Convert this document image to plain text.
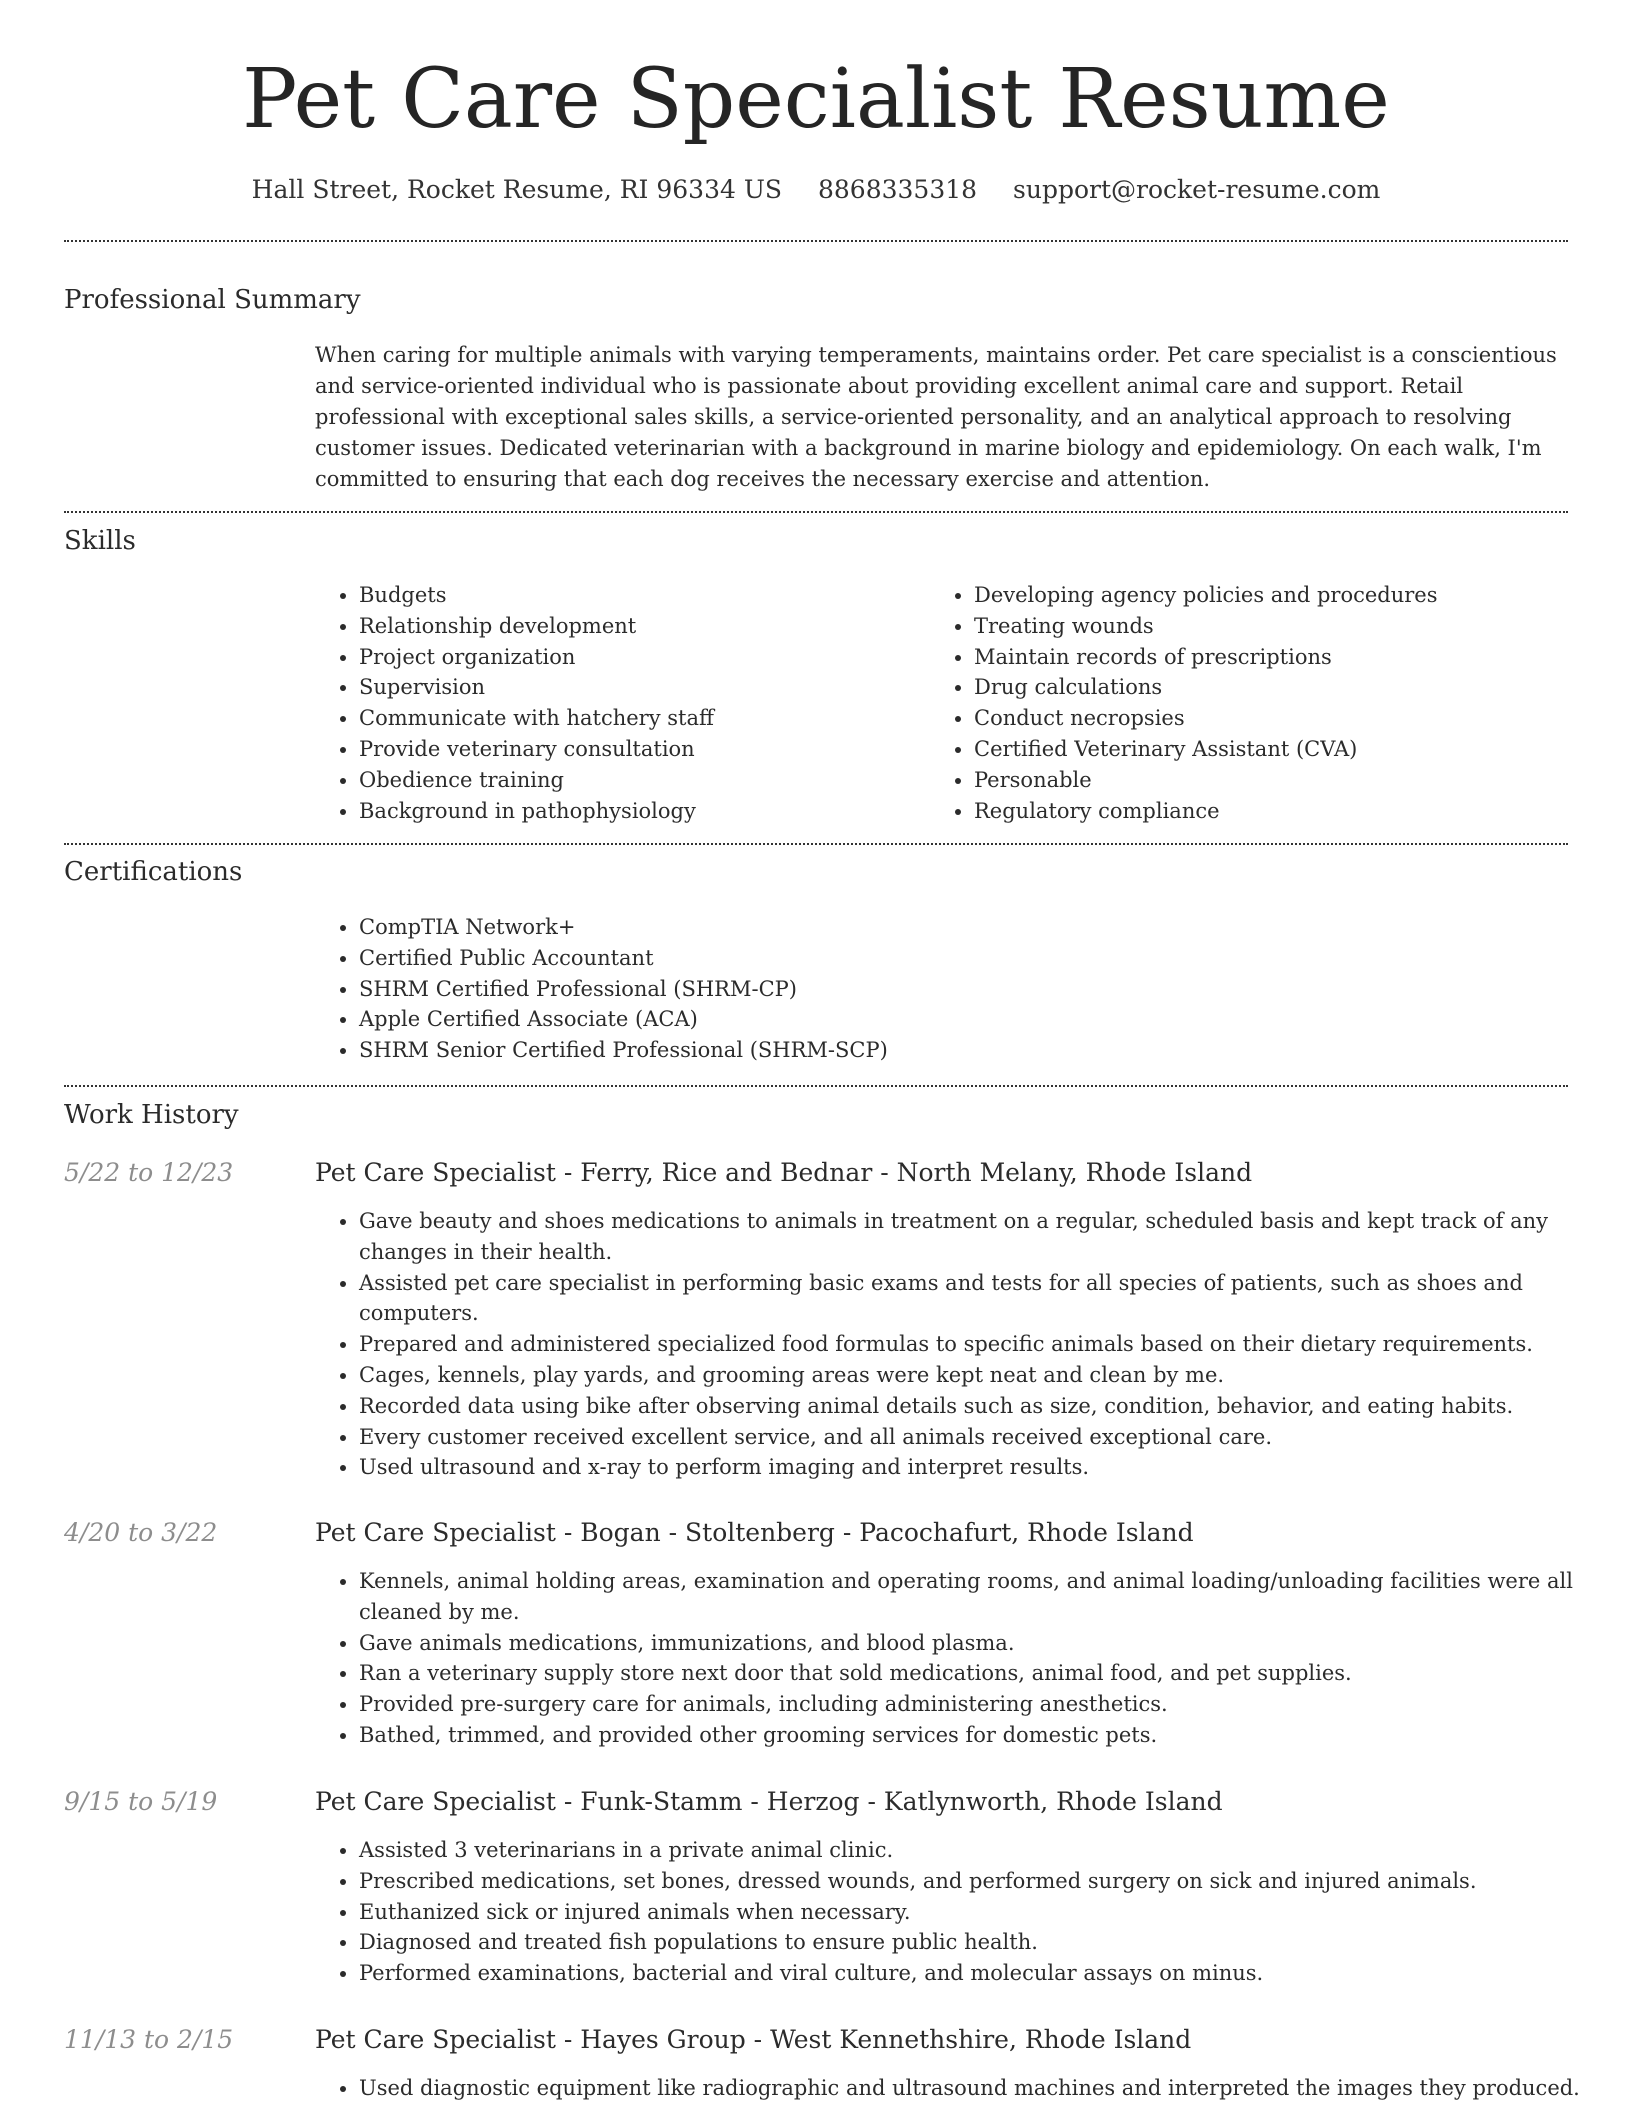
Pet Care Specialist Resume
Hall Street, Rocket Resume, RI 96334 US 8868335318 support@rocket-resume.com
Professional Summary

When caring for multiple animals with varying temperaments, maintains order. Pet care specialist is a conscientious and service-oriented individual who is passionate about providing excellent animal care and support. Retail professional with exceptional sales skills, a service-oriented personality, and an analytical approach to resolving customer issues. Dedicated veterinarian with a background in marine biology and epidemiology. On each walk, I'm committed to ensuring that each dog receives the necessary exercise and attention.

Skills
• Budgets
• Relationship development
• Project organization
• Supervision
• Communicate with hatchery staff
• Provide veterinary consultation
• Obedience training
• Background in pathophysiology
• Developing agency policies and procedures
• Treating wounds
• Maintain records of prescriptions
• Drug calculations
• Conduct necropsies
• Certified Veterinary Assistant (CVA)
• Personable
• Regulatory compliance
Certifications
• CompTIA Network+
• Certified Public Accountant
• SHRM Certified Professional (SHRM-CP)
• Apple Certified Associate (ACA)
• SHRM Senior Certified Professional (SHRM-SCP)
Work History
5/22 to 12/23	Pet Care Specialist - Ferry, Rice and Bednar - North Melany, Rhode Island
• Gave beauty and shoes medications to animals in treatment on a regular, scheduled basis and kept track of any changes in their health.
• Assisted pet care specialist in performing basic exams and tests for all species of patients, such as shoes and computers.
• Prepared and administered specialized food formulas to specific animals based on their dietary requirements.
• Cages, kennels, play yards, and grooming areas were kept neat and clean by me.
• Recorded data using bike after observing animal details such as size, condition, behavior, and eating habits.
• Every customer received excellent service, and all animals received exceptional care.
• Used ultrasound and x-ray to perform imaging and interpret results.
4/20 to 3/22	Pet Care Specialist - Bogan - Stoltenberg - Pacochafurt, Rhode Island
• Kennels, animal holding areas, examination and operating rooms, and animal loading/unloading facilities were all cleaned by me.
• Gave animals medications, immunizations, and blood plasma.
• Ran a veterinary supply store next door that sold medications, animal food, and pet supplies.
• Provided pre-surgery care for animals, including administering anesthetics.
• Bathed, trimmed, and provided other grooming services for domestic pets.
9/15 to 5/19	Pet Care Specialist - Funk-Stamm - Herzog - Katlynworth, Rhode Island
• Assisted 3 veterinarians in a private animal clinic.
• Prescribed medications, set bones, dressed wounds, and performed surgery on sick and injured animals.
• Euthanized sick or injured animals when necessary.
• Diagnosed and treated fish populations to ensure public health.
• Performed examinations, bacterial and viral culture, and molecular assays on minus.
11/13 to 2/15	Pet Care Specialist - Hayes Group - West Kennethshire, Rhode Island
• Used diagnostic equipment like radiographic and ultrasound machines and interpreted the images they produced.
